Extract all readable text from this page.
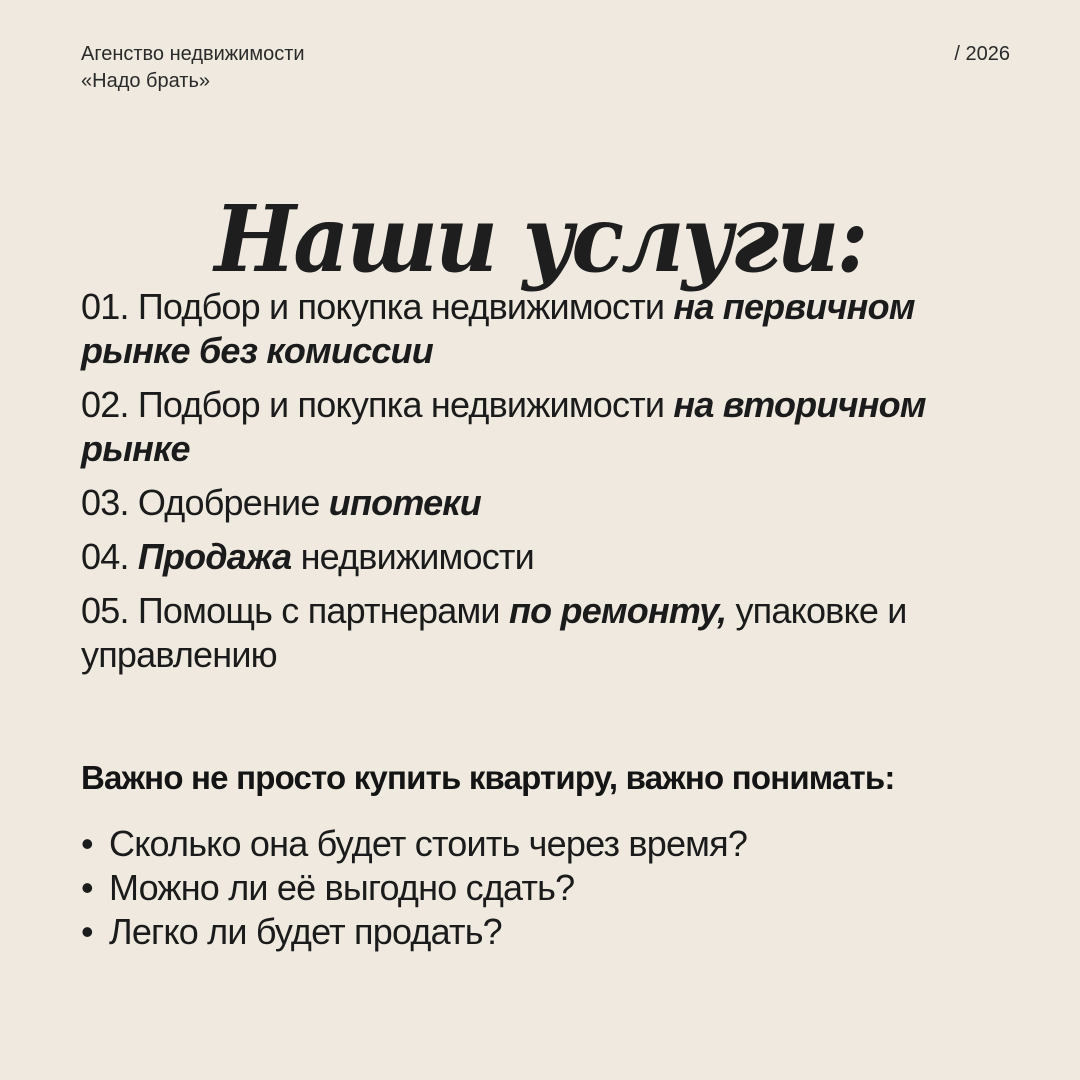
Агенство недвижимости
«Надо брать»
/ 2026
Наши услуги:
01. Подбор и покупка недвижимости на первичном рынке без комиссии
02. Подбор и покупка недвижимости на вторичном рынке
03. Одобрение ипотеки
04. Продажа недвижимости
05. Помощь с партнерами по ремонту, упаковке и управлению
Важно не просто купить квартиру, важно понимать:
• Сколько она будет стоить через время?
• Можно ли её выгодно сдать?
• Легко ли будет продать?
